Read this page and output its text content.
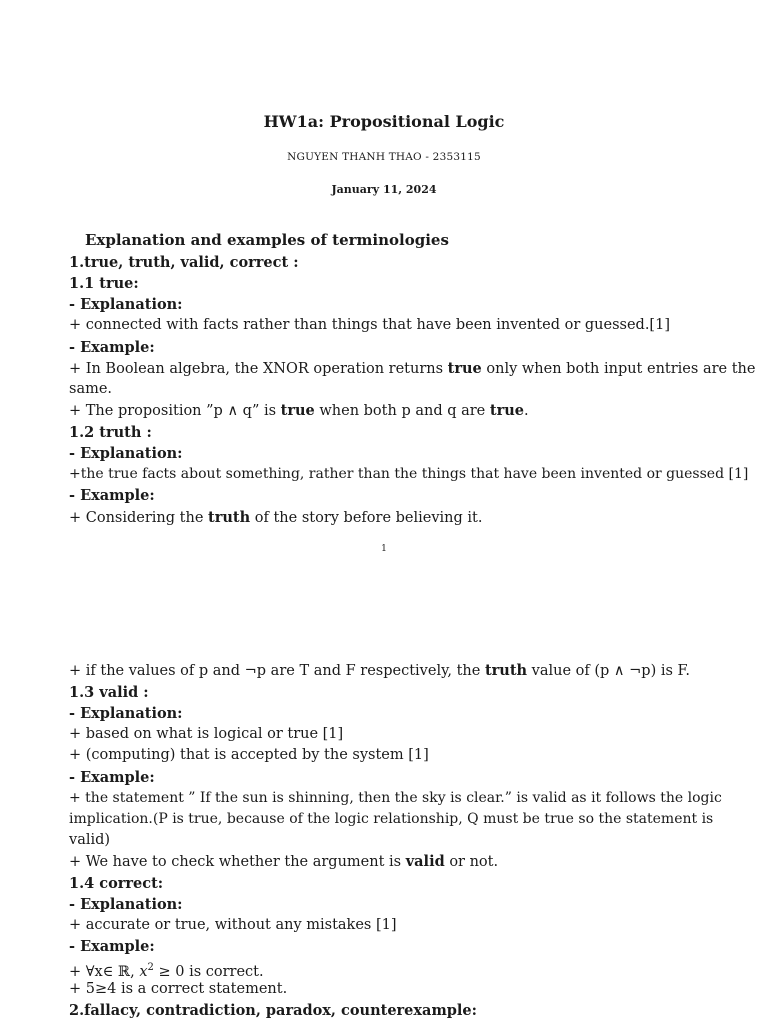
HW1a: Propositional Logic
NGUYEN THANH THAO - 2353115
January 11, 2024
Explanation and examples of terminologies
1.true, truth, valid, correct :
1.1 true:
- Explanation:
+ connected with facts rather than things that have been invented or guessed.[1]
- Example:
+ In Boolean algebra, the XNOR operation returns true only when both input entries are the
same.
+ The proposition ”p ∧ q” is true when both p and q are true.
1.2 truth :
- Explanation:
+the true facts about something, rather than the things that have been invented or guessed [1]
- Example:
+ Considering the truth of the story before believing it.
1
+ if the values of p and ¬p are T and F respectively, the truth value of (p ∧ ¬p) is F.
1.3 valid :
- Explanation:
+ based on what is logical or true [1]
+ (computing) that is accepted by the system [1]
- Example:
+ the statement ” If the sun is shinning, then the sky is clear.” is valid as it follows the logic
implication.(P is true, because of the logic relationship, Q must be true so the statement is
valid)
+ We have to check whether the argument is valid or not.
1.4 correct:
- Explanation:
+ accurate or true, without any mistakes [1]
- Example:
+ ∀x∈ ℝ, $x^2 \ge 0$ is correct.
+ 5≥4 is a correct statement.
2.fallacy, contradiction, paradox, counterexample:
